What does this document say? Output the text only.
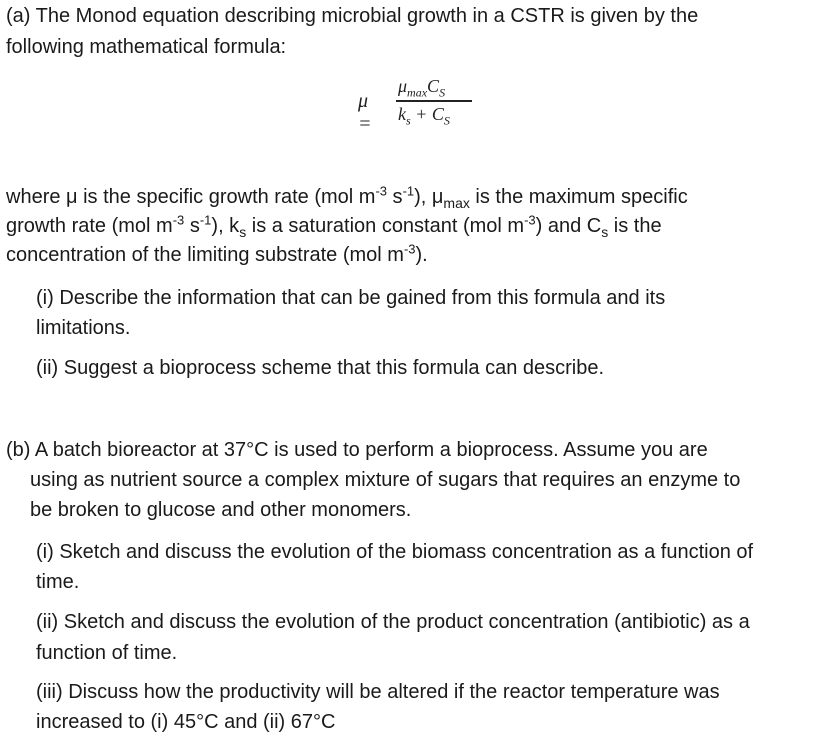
(a) The Monod equation describing microbial growth in a CSTR is given by the
following mathematical formula:
μ =
$\mu_{max}C_S$
$k_s + C_S$
where μ is the specific growth rate (mol $m^{-3}$ $s^{-1}$), $\mu_{max}$ is the maximum specific
growth rate (mol $m^{-3}$ $s^{-1}$), $k_s$ is a saturation constant (mol $m^{-3}$) and $C_s$ is the
concentration of the limiting substrate (mol $m^{-3}$).
(i) Describe the information that can be gained from this formula and its
limitations.
(ii) Suggest a bioprocess scheme that this formula can describe.
(b) A batch bioreactor at 37°C is used to perform a bioprocess. Assume you are
using as nutrient source a complex mixture of sugars that requires an enzyme to
be broken to glucose and other monomers.
(i) Sketch and discuss the evolution of the biomass concentration as a function of
time.
(ii) Sketch and discuss the evolution of the product concentration (antibiotic) as a
function of time.
(iii) Discuss how the productivity will be altered if the reactor temperature was
increased to (i) 45°C and (ii) 67°C
